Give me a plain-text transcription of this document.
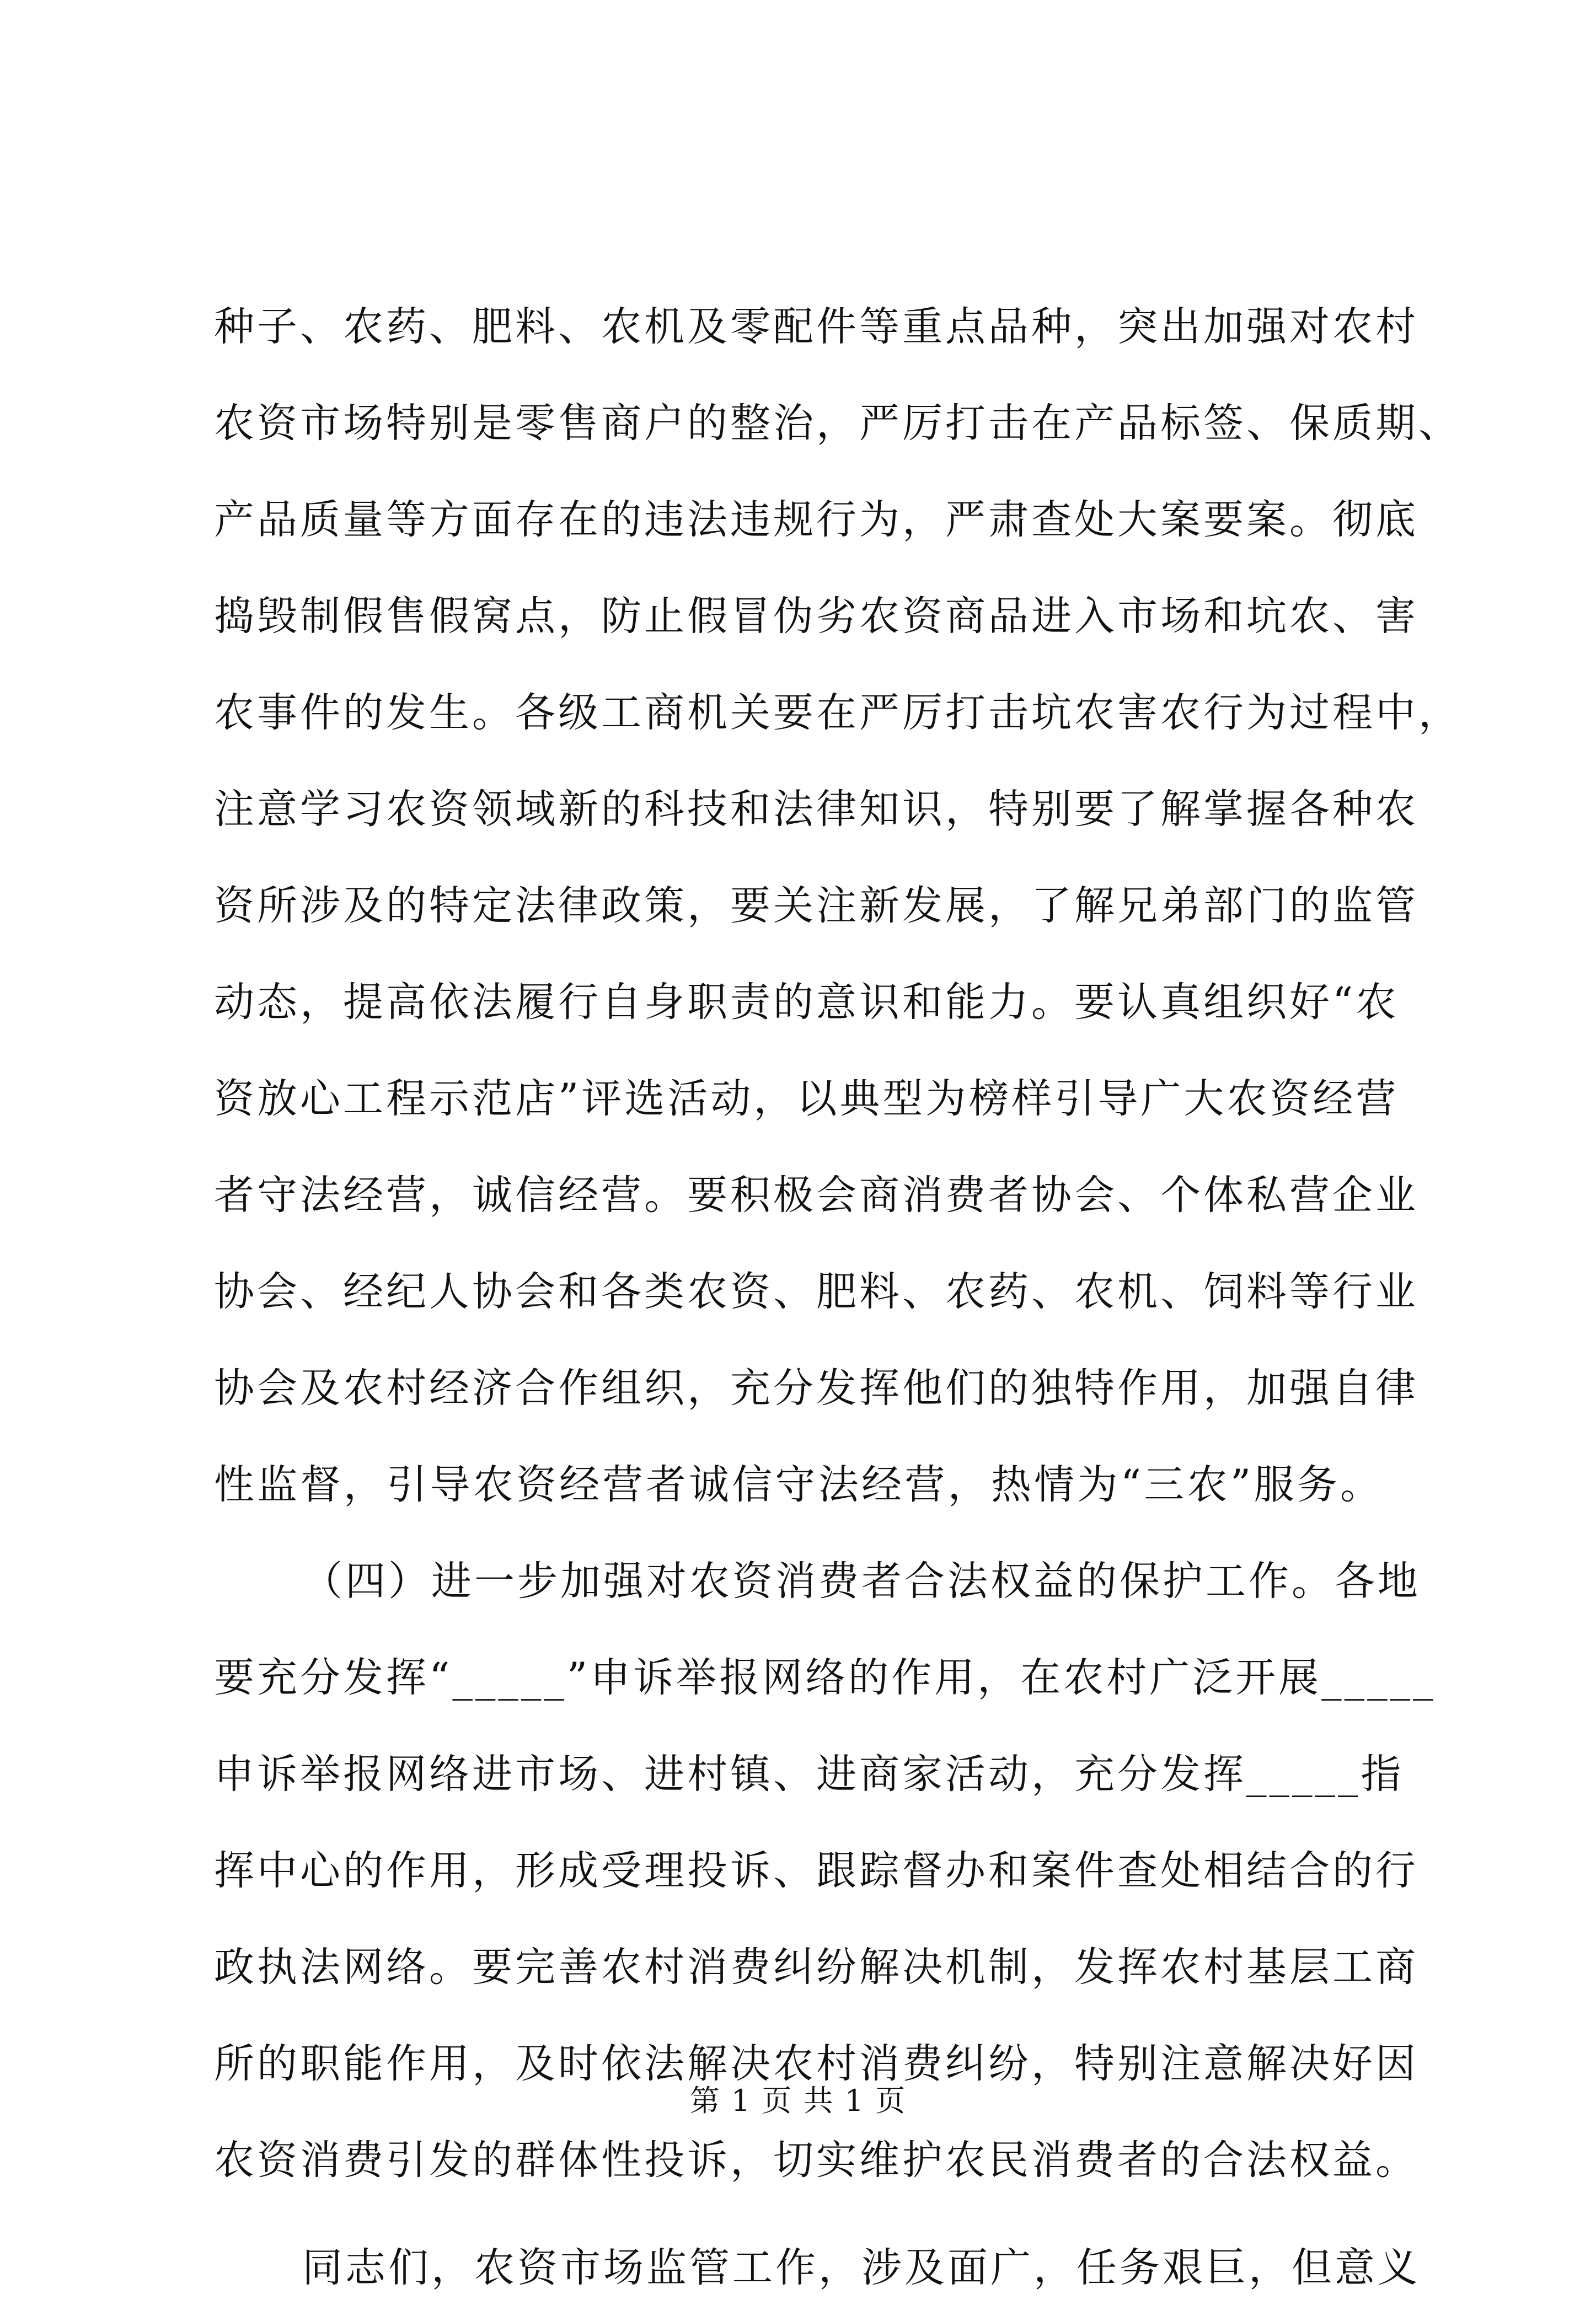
种子、农药、肥料、农机及零配件等重点品种，突出加强对农村
农资市场特别是零售商户的整治，严厉打击在产品标签、保质期、
产品质量等方面存在的违法违规行为，严肃查处大案要案。彻底
捣毁制假售假窝点，防止假冒伪劣农资商品进入市场和坑农、害
农事件的发生。各级工商机关要在严厉打击坑农害农行为过程中，
注意学习农资领域新的科技和法律知识，特别要了解掌握各种农
资所涉及的特定法律政策，要关注新发展，了解兄弟部门的监管
动态，提高依法履行自身职责的意识和能力。要认真组织好“农
资放心工程示范店”评选活动，以典型为榜样引导广大农资经营
者守法经营，诚信经营。要积极会商消费者协会、个体私营企业
协会、经纪人协会和各类农资、肥料、农药、农机、饲料等行业
协会及农村经济合作组织，充分发挥他们的独特作用，加强自律
性监督，引导农资经营者诚信守法经营，热情为“三农”服务。
（四）进一步加强对农资消费者合法权益的保护工作。各地
要充分发挥“_____”申诉举报网络的作用，在农村广泛开展_____
申诉举报网络进市场、进村镇、进商家活动，充分发挥_____指
挥中心的作用，形成受理投诉、跟踪督办和案件查处相结合的行
政执法网络。要完善农村消费纠纷解决机制，发挥农村基层工商
所的职能作用，及时依法解决农村消费纠纷，特别注意解决好因
农资消费引发的群体性投诉，切实维护农民消费者的合法权益。
同志们，农资市场监管工作，涉及面广，任务艰巨，但意义
第 1 页 共 1 页
